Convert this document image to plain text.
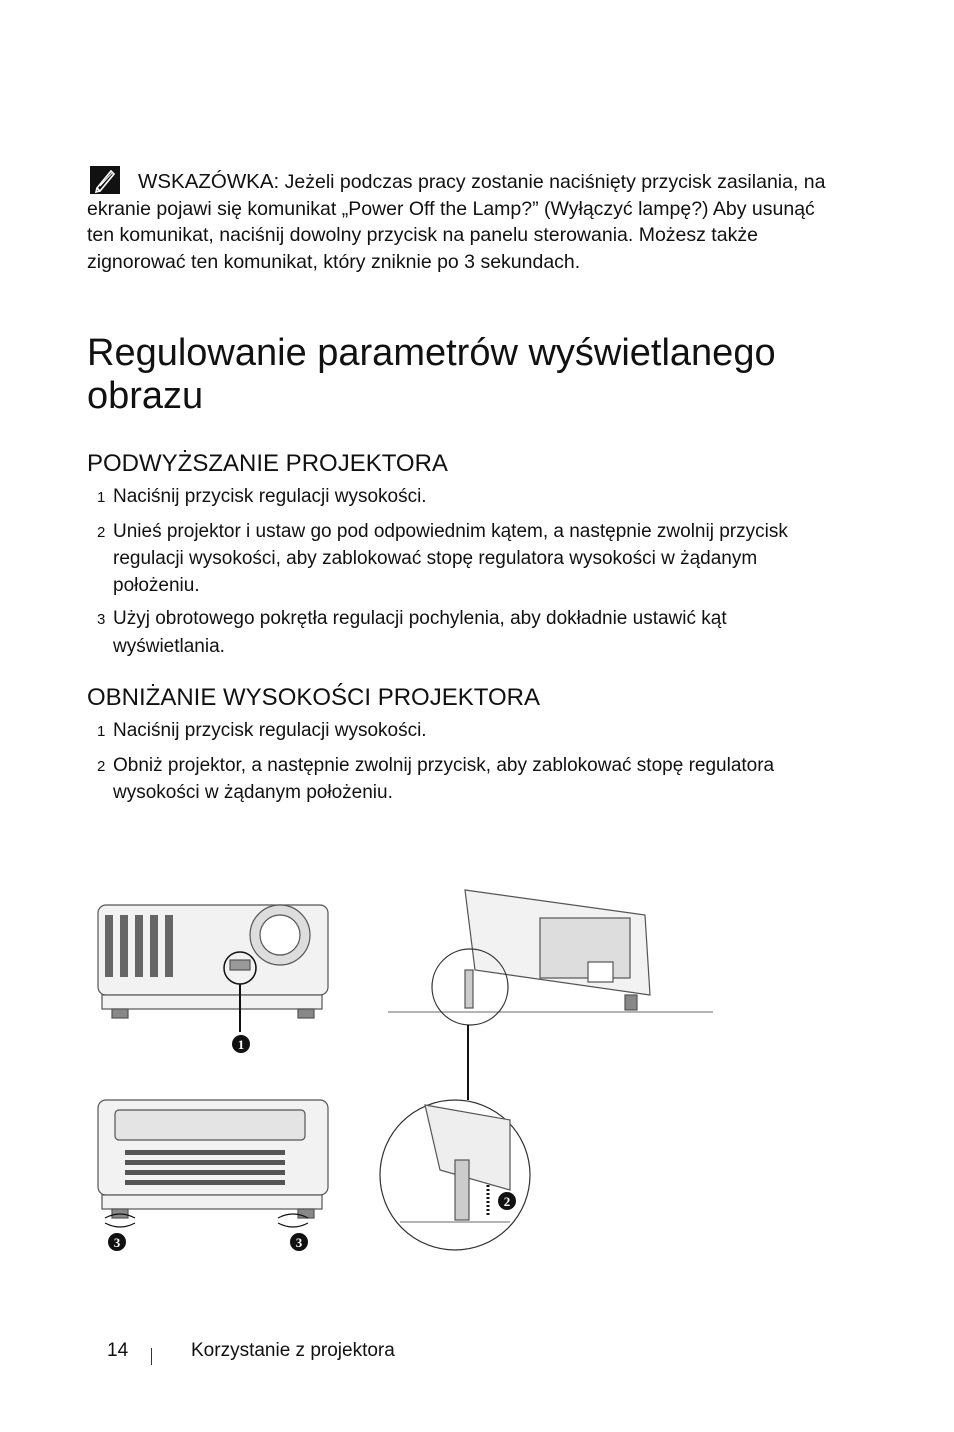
WSKAZÓWKA: Jeżeli podczas pracy zostanie naciśnięty przycisk zasilania, na ekranie pojawi się komunikat „Power Off the Lamp?” (Wyłączyć lampę?) Aby usunąć ten komunikat, naciśnij dowolny przycisk na panelu sterowania. Możesz także zignorować ten komunikat, który zniknie po 3 sekundach.
Regulowanie parametrów wyświetlanego obrazu
PODWYŻSZANIE PROJEKTORA
1 Naciśnij przycisk regulacji wysokości.
2 Unieś projektor i ustaw go pod odpowiednim kątem, a następnie zwolnij przycisk regulacji wysokości, aby zablokować stopę regulatora wysokości w żądanym położeniu.
3 Użyj obrotowego pokrętła regulacji pochylenia, aby dokładnie ustawić kąt wyświetlania.
OBNIŻANIE WYSOKOŚCI PROJEKTORA
1 Naciśnij przycisk regulacji wysokości.
2 Obniż projektor, a następnie zwolnij przycisk, aby zablokować stopę regulatora wysokości w żądanym położeniu.
1
2
3	3
14	Korzystanie z projektora
